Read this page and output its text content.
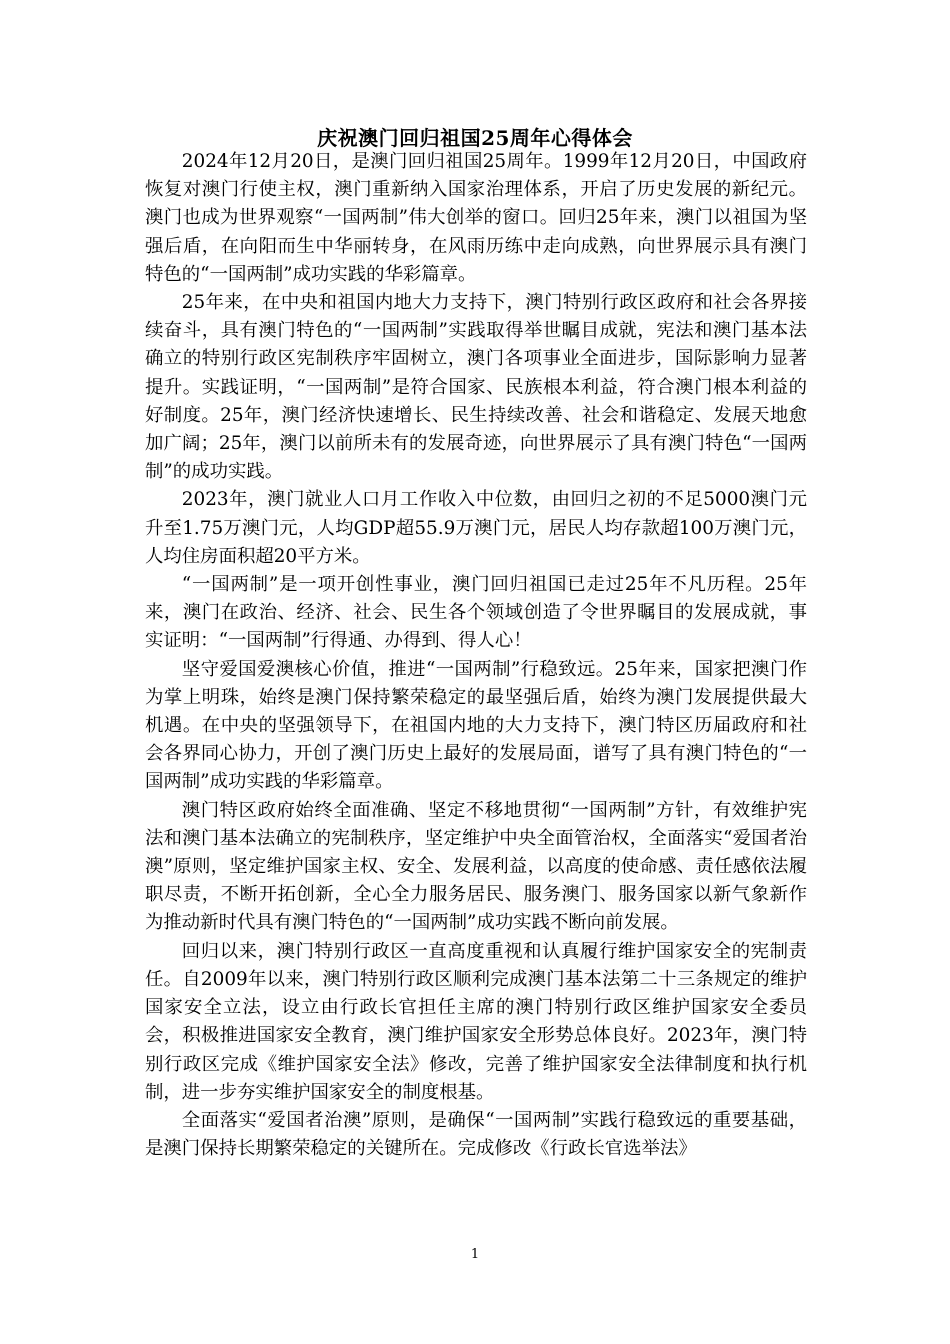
庆祝澳门回归祖国25周年心得体会

2024年12月20日，是澳门回归祖国25周年。1999年12月20日，中国政府恢复对澳门行使主权，澳门重新纳入国家治理体系，开启了历史发展的新纪元。澳门也成为世界观察“一国两制”伟大创举的窗口。回归25年来，澳门以祖国为坚强后盾，在向阳而生中华丽转身，在风雨历练中走向成熟，向世界展示具有澳门特色的“一国两制”成功实践的华彩篇章。

25年来，在中央和祖国内地大力支持下，澳门特别行政区政府和社会各界接续奋斗，具有澳门特色的“一国两制”实践取得举世瞩目成就，宪法和澳门基本法确立的特别行政区宪制秩序牢固树立，澳门各项事业全面进步，国际影响力显著提升。实践证明，“一国两制”是符合国家、民族根本利益，符合澳门根本利益的好制度。25年，澳门经济快速增长、民生持续改善、社会和谐稳定、发展天地愈加广阔；25年，澳门以前所未有的发展奇迹，向世界展示了具有澳门特色“一国两制”的成功实践。

2023年，澳门就业人口月工作收入中位数，由回归之初的不足5000澳门元升至1.75万澳门元，人均GDP超55.9万澳门元，居民人均存款超100万澳门元，人均住房面积超20平方米。

“一国两制”是一项开创性事业，澳门回归祖国已走过25年不凡历程。25年来，澳门在政治、经济、社会、民生各个领域创造了令世界瞩目的发展成就，事实证明：“一国两制”行得通、办得到、得人心！

坚守爱国爱澳核心价值，推进“一国两制”行稳致远。25年来，国家把澳门作为掌上明珠，始终是澳门保持繁荣稳定的最坚强后盾，始终为澳门发展提供最大机遇。在中央的坚强领导下，在祖国内地的大力支持下，澳门特区历届政府和社会各界同心协力，开创了澳门历史上最好的发展局面，谱写了具有澳门特色的“一国两制”成功实践的华彩篇章。

澳门特区政府始终全面准确、坚定不移地贯彻“一国两制”方针，有效维护宪法和澳门基本法确立的宪制秩序，坚定维护中央全面管治权，全面落实“爱国者治澳”原则，坚定维护国家主权、安全、发展利益，以高度的使命感、责任感依法履职尽责，不断开拓创新，全心全力服务居民、服务澳门、服务国家以新气象新作为推动新时代具有澳门特色的“一国两制”成功实践不断向前发展。

回归以来，澳门特别行政区一直高度重视和认真履行维护国家安全的宪制责任。自2009年以来，澳门特别行政区顺利完成澳门基本法第二十三条规定的维护国家安全立法，设立由行政长官担任主席的澳门特别行政区维护国家安全委员会，积极推进国家安全教育，澳门维护国家安全形势总体良好。2023年，澳门特别行政区完成《维护国家安全法》修改，完善了维护国家安全法律制度和执行机制，进一步夯实维护国家安全的制度根基。

全面落实“爱国者治澳”原则，是确保“一国两制”实践行稳致远的重要基础，是澳门保持长期繁荣稳定的关键所在。完成修改《行政长官选举法》

1
